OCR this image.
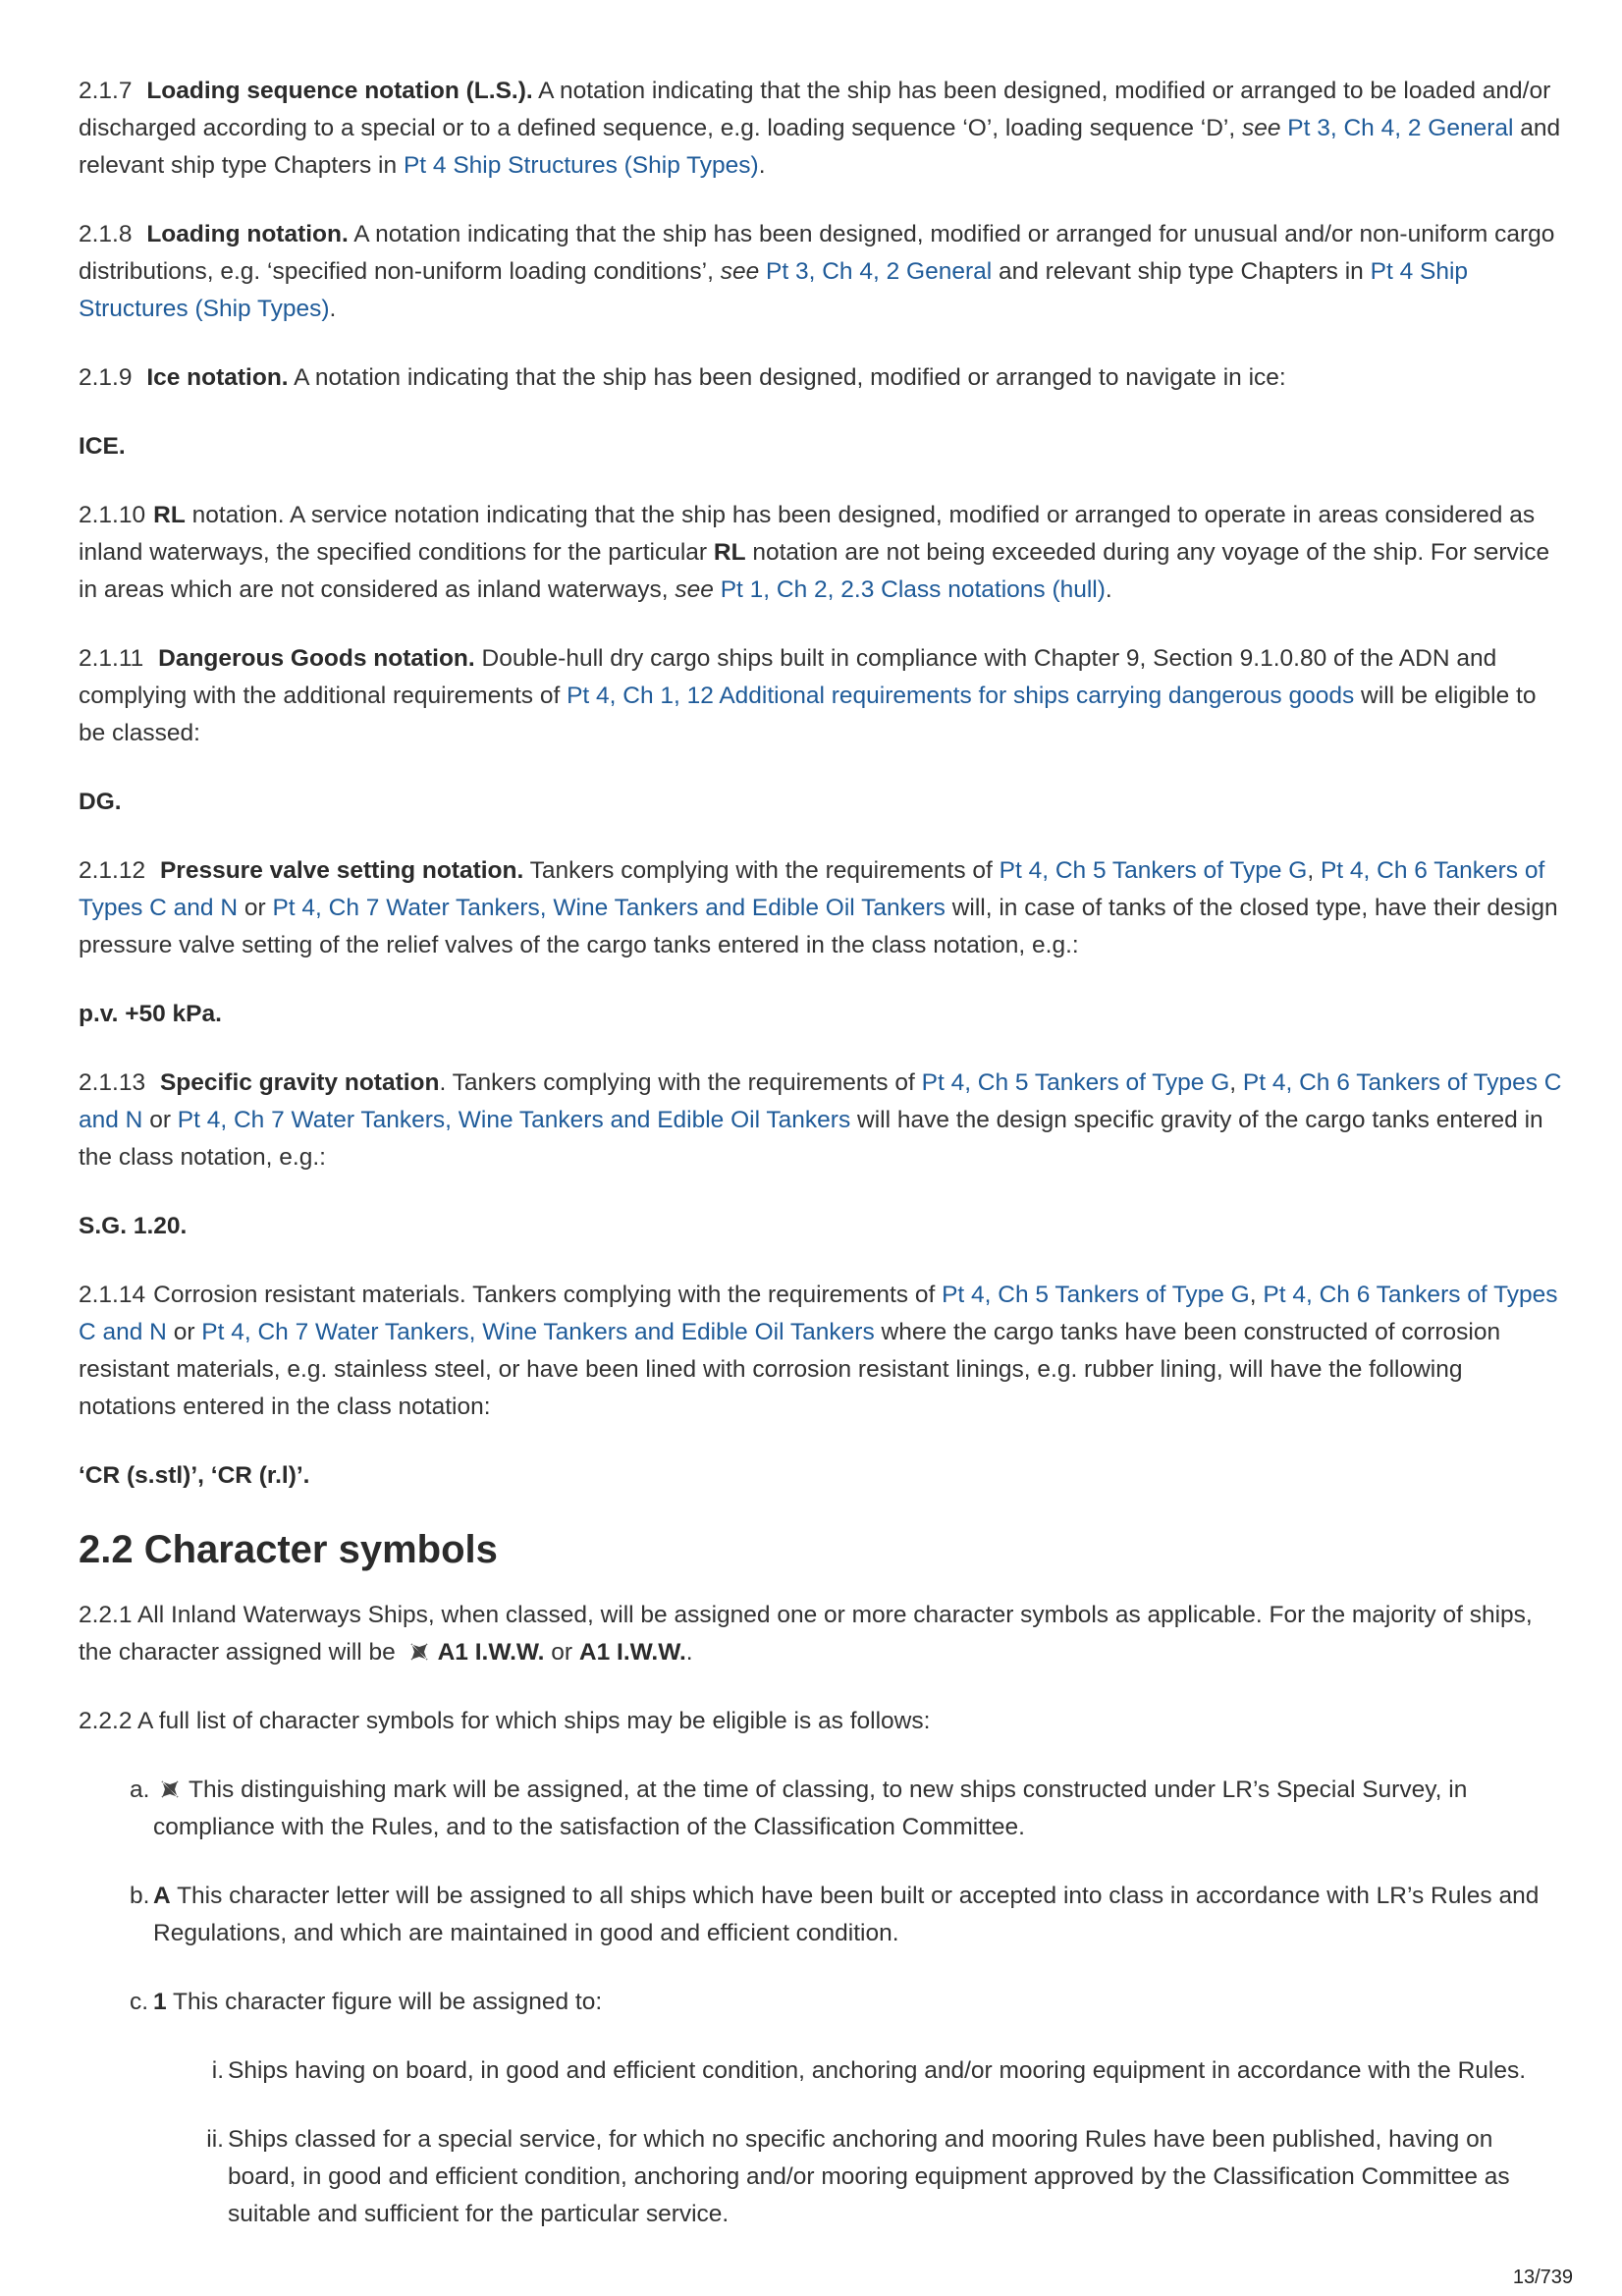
2.1.7 Loading sequence notation (L.S.). A notation indicating that the ship has been designed, modified or arranged to be loaded and/or discharged according to a special or to a defined sequence, e.g. loading sequence ‘O’, loading sequence ‘D’, see Pt 3, Ch 4, 2 General and relevant ship type Chapters in Pt 4 Ship Structures (Ship Types).

2.1.8 Loading notation. A notation indicating that the ship has been designed, modified or arranged for unusual and/or non-uniform cargo distributions, e.g. ‘specified non-uniform loading conditions’, see Pt 3, Ch 4, 2 General and relevant ship type Chapters in Pt 4 Ship Structures (Ship Types).

2.1.9 Ice notation. A notation indicating that the ship has been designed, modified or arranged to navigate in ice:

ICE.

2.1.10 RL notation. A service notation indicating that the ship has been designed, modified or arranged to operate in areas considered as inland waterways, the specified conditions for the particular RL notation are not being exceeded during any voyage of the ship. For service in areas which are not considered as inland waterways, see Pt 1, Ch 2, 2.3 Class notations (hull).

2.1.11 Dangerous Goods notation. Double-hull dry cargo ships built in compliance with Chapter 9, Section 9.1.0.80 of the ADN and complying with the additional requirements of Pt 4, Ch 1, 12 Additional requirements for ships carrying dangerous goods will be eligible to be classed:

DG.

2.1.12 Pressure valve setting notation. Tankers complying with the requirements of Pt 4, Ch 5 Tankers of Type G, Pt 4, Ch 6 Tankers of Types C and N or Pt 4, Ch 7 Water Tankers, Wine Tankers and Edible Oil Tankers will, in case of tanks of the closed type, have their design pressure valve setting of the relief valves of the cargo tanks entered in the class notation, e.g.:

p.v. +50 kPa.

2.1.13 Specific gravity notation. Tankers complying with the requirements of Pt 4, Ch 5 Tankers of Type G, Pt 4, Ch 6 Tankers of Types C and N or Pt 4, Ch 7 Water Tankers, Wine Tankers and Edible Oil Tankers will have the design specific gravity of the cargo tanks entered in the class notation, e.g.:

S.G. 1.20.

2.1.14 Corrosion resistant materials. Tankers complying with the requirements of Pt 4, Ch 5 Tankers of Type G, Pt 4, Ch 6 Tankers of Types C and N or Pt 4, Ch 7 Water Tankers, Wine Tankers and Edible Oil Tankers where the cargo tanks have been constructed of corrosion resistant materials, e.g. stainless steel, or have been lined with corrosion resistant linings, e.g. rubber lining, will have the following notations entered in the class notation:

‘CR (s.stl)’, ‘CR (r.l)’.

2.2 Character symbols

2.2.1 All Inland Waterways Ships, when classed, will be assigned one or more character symbols as applicable. For the majority of ships, the character assigned will be A1 I.W.W. or A1 I.W.W..

2.2.2 A full list of character symbols for which ships may be eligible is as follows:

a. This distinguishing mark will be assigned, at the time of classing, to new ships constructed under LR’s Special Survey, in compliance with the Rules, and to the satisfaction of the Classification Committee.
b. A This character letter will be assigned to all ships which have been built or accepted into class in accordance with LR’s Rules and Regulations, and which are maintained in good and efficient condition.
c. 1 This character figure will be assigned to:
i. Ships having on board, in good and efficient condition, anchoring and/or mooring equipment in accordance with the Rules.
ii. Ships classed for a special service, for which no specific anchoring and mooring Rules have been published, having on board, in good and efficient condition, anchoring and/or mooring equipment approved by the Classification Committee as suitable and sufficient for the particular service.
13/739
